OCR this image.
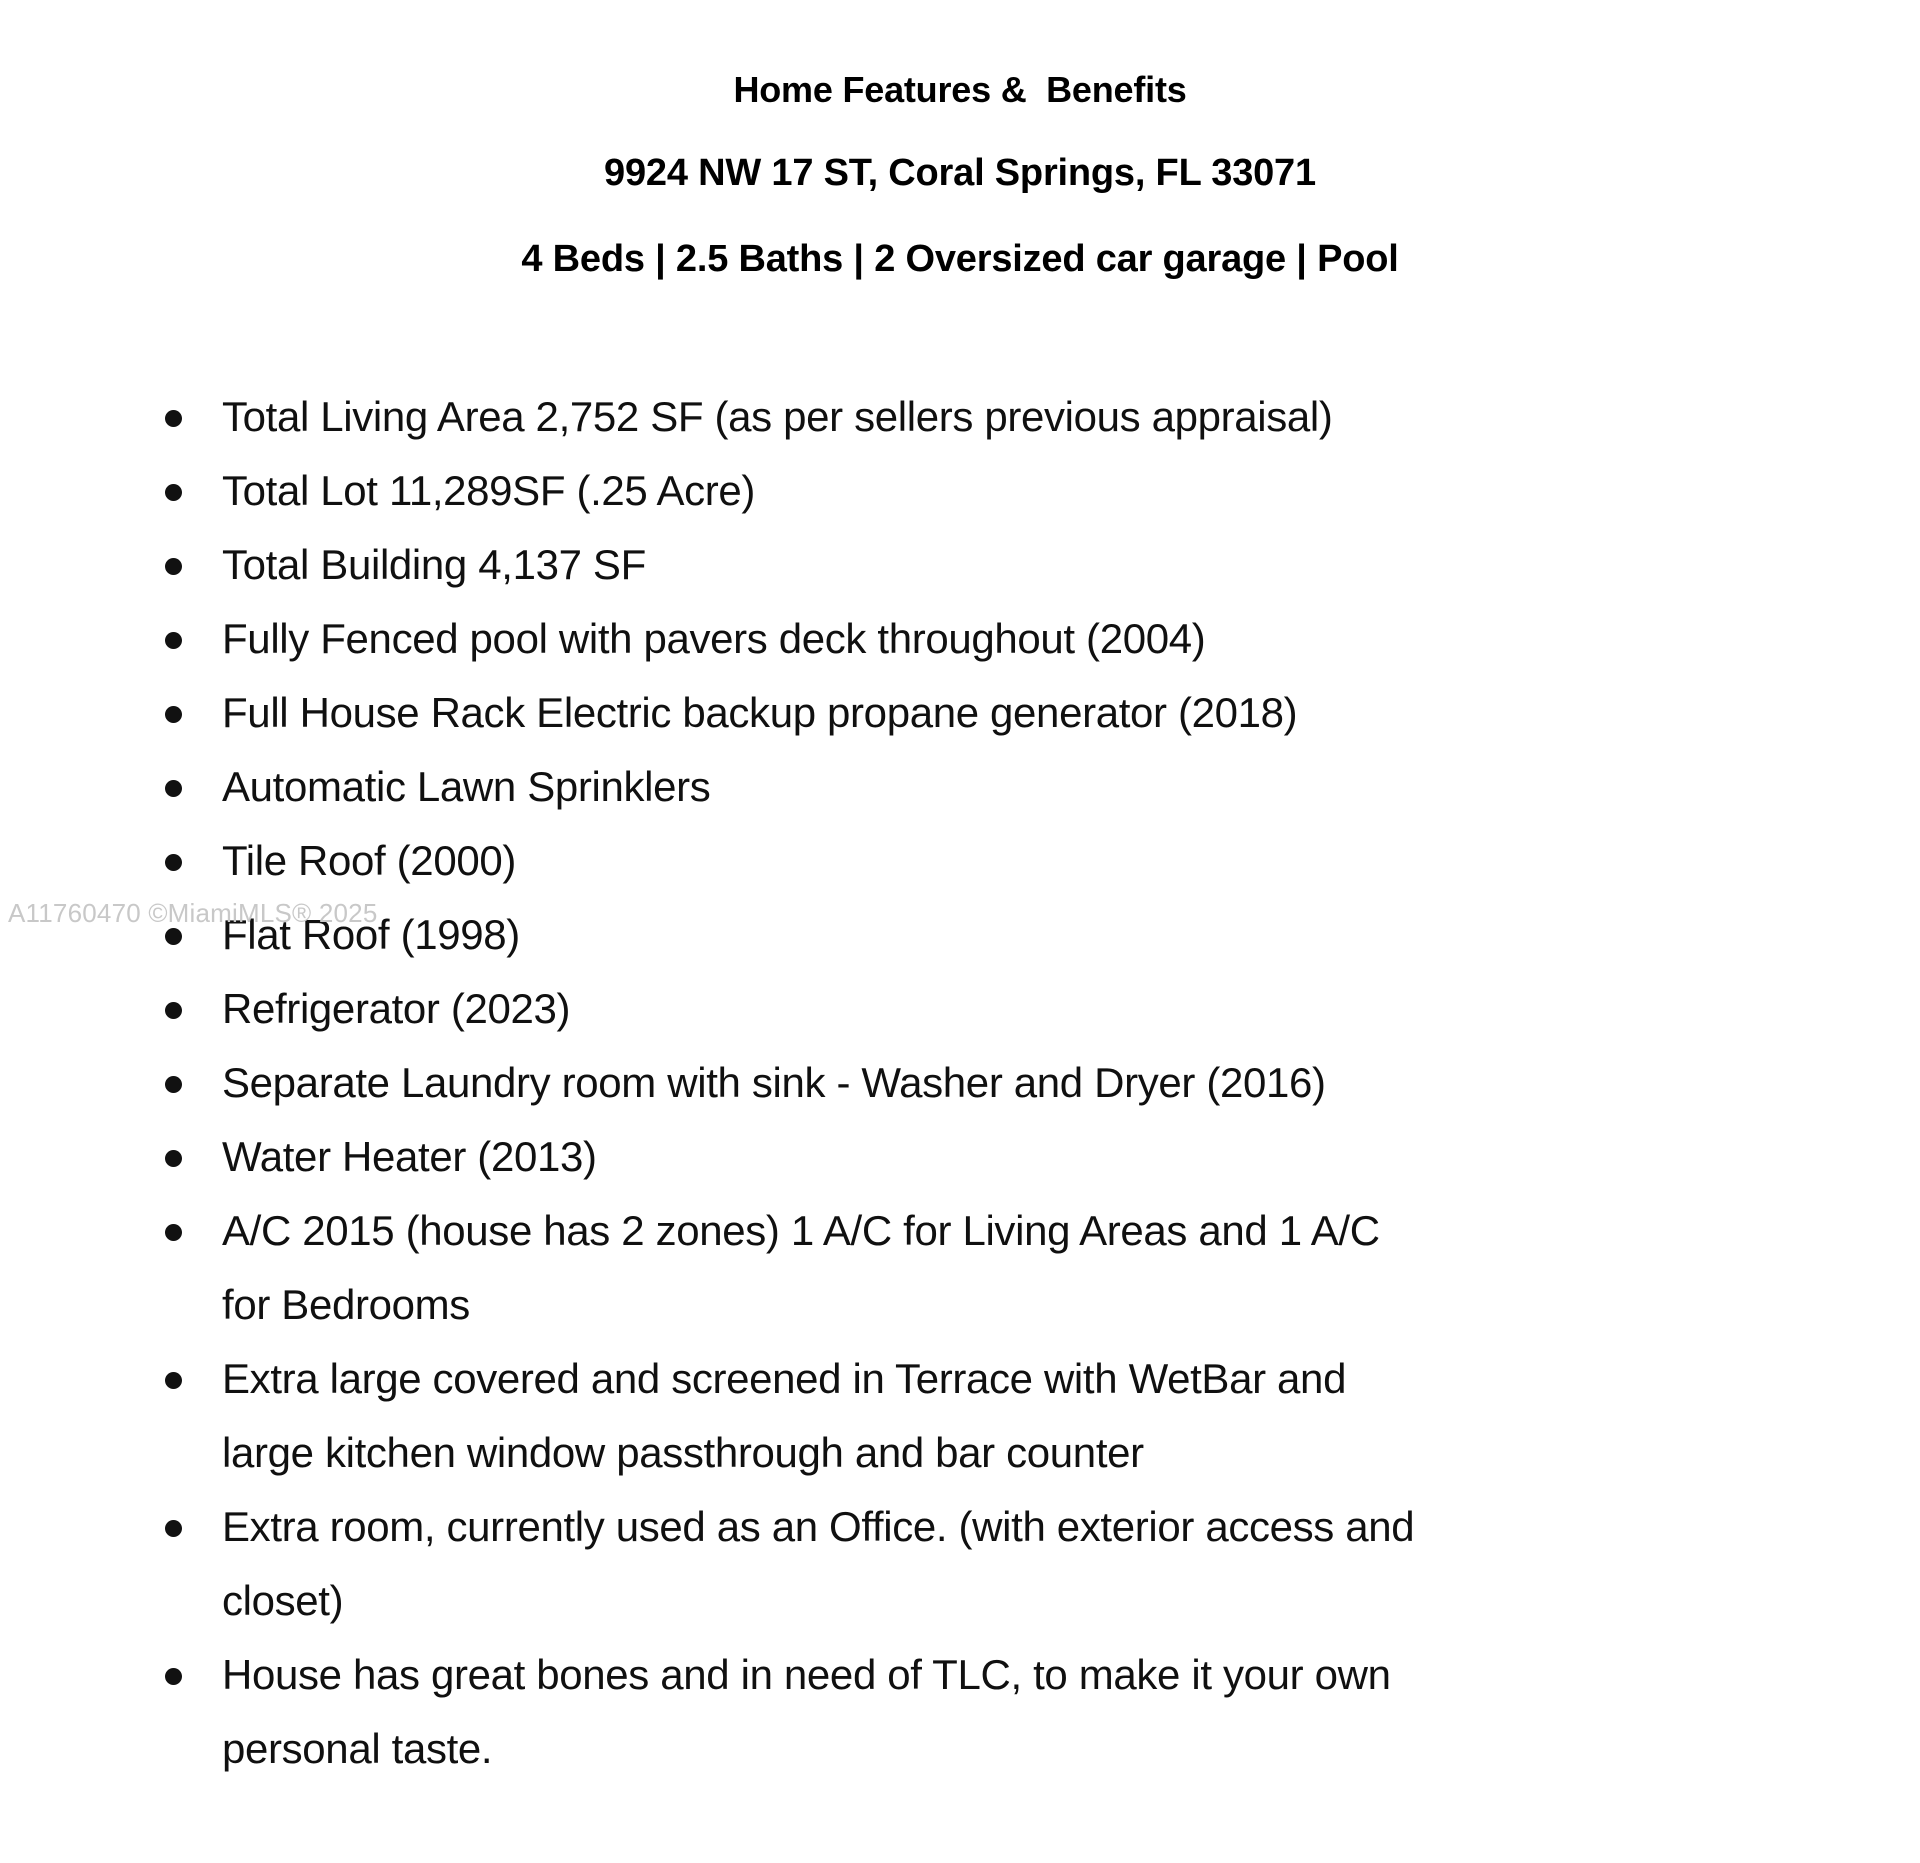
Home Features &  Benefits
9924 NW 17 ST, Coral Springs, FL 33071
4 Beds | 2.5 Baths | 2 Oversized car garage | Pool
Total Living Area 2,752 SF (as per sellers previous appraisal)
Total Lot 11,289SF (.25 Acre)
Total Building 4,137 SF
Fully Fenced pool with pavers deck throughout (2004)
Full House Rack Electric backup propane generator (2018)
Automatic Lawn Sprinklers
Tile Roof (2000)
Flat Roof (1998)
Refrigerator (2023)
Separate Laundry room with sink - Washer and Dryer (2016)
Water Heater (2013)
A/C 2015 (house has 2 zones) 1 A/C for Living Areas and 1 A/C for Bedrooms
Extra large covered and screened in Terrace with WetBar and large kitchen window passthrough and bar counter
Extra room, currently used as an Office. (with exterior access and closet)
House has great bones and in need of TLC, to make it your own personal taste.
A11760470 ©MiamiMLS® 2025
